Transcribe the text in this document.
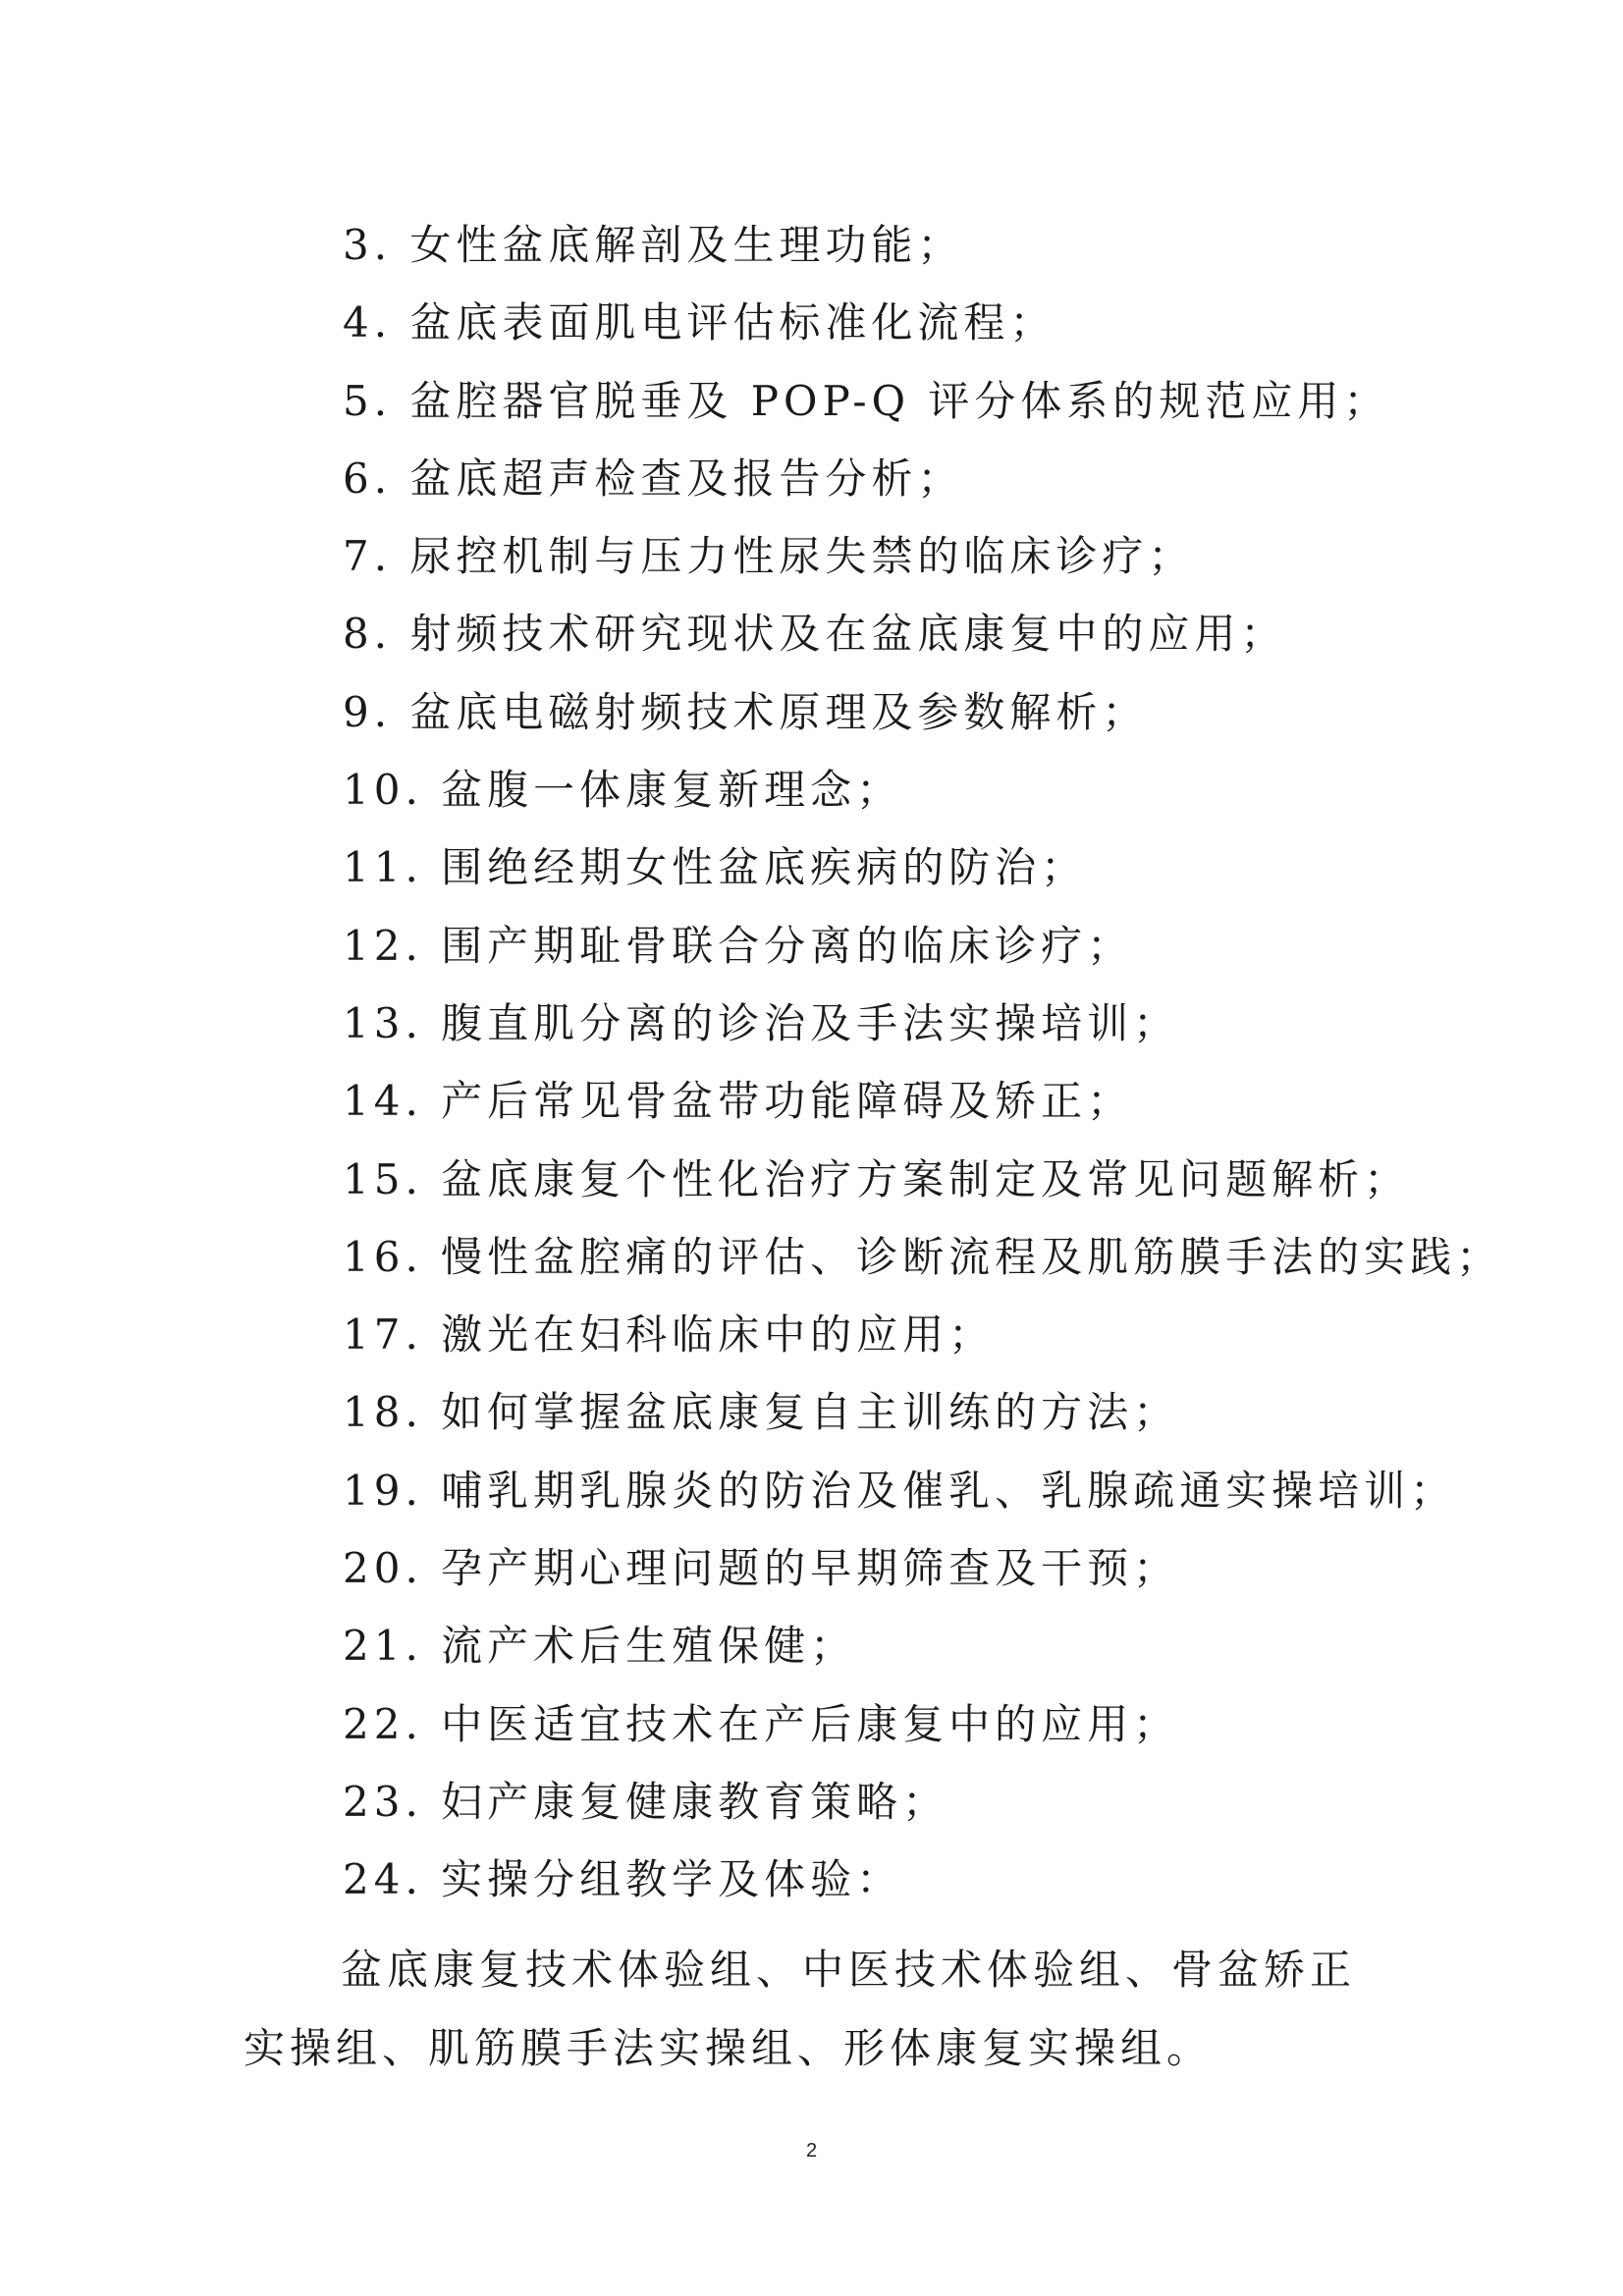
3. 女性盆底解剖及生理功能；
4. 盆底表面肌电评估标准化流程；
5. 盆腔器官脱垂及 POP-Q 评分体系的规范应用；
6. 盆底超声检查及报告分析；
7. 尿控机制与压力性尿失禁的临床诊疗；
8. 射频技术研究现状及在盆底康复中的应用；
9. 盆底电磁射频技术原理及参数解析；
10. 盆腹一体康复新理念；
11. 围绝经期女性盆底疾病的防治；
12. 围产期耻骨联合分离的临床诊疗；
13. 腹直肌分离的诊治及手法实操培训；
14. 产后常见骨盆带功能障碍及矫正；
15. 盆底康复个性化治疗方案制定及常见问题解析；
16. 慢性盆腔痛的评估、诊断流程及肌筋膜手法的实践；
17. 激光在妇科临床中的应用；
18. 如何掌握盆底康复自主训练的方法；
19. 哺乳期乳腺炎的防治及催乳、乳腺疏通实操培训；
20. 孕产期心理问题的早期筛查及干预；
21. 流产术后生殖保健；
22. 中医适宜技术在产后康复中的应用；
23. 妇产康复健康教育策略；
24. 实操分组教学及体验：

盆底康复技术体验组、中医技术体验组、骨盆矫正实操组、肌筋膜手法实操组、形体康复实操组。

2
